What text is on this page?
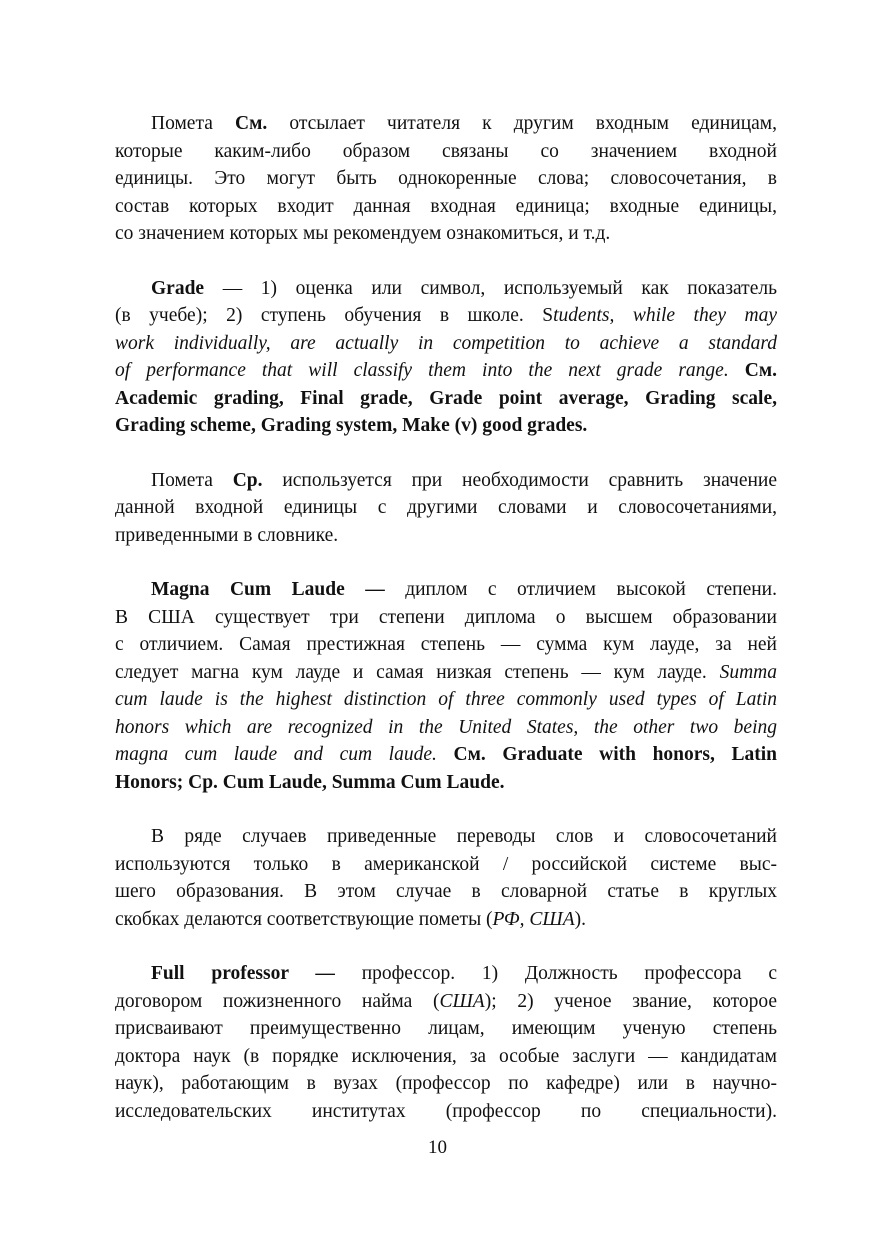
Помета См. отсылает читателя к другим входным единицам,
которые каким-либо образом связаны со значением входной
единицы. Это могут быть однокоренные слова; словосочетания, в
состав которых входит данная входная единица; входные единицы,
со значением которых мы рекомендуем ознакомиться, и т.д.
Grade — 1) оценка или символ, используемый как показатель
(в учебе); 2) ступень обучения в школе. Students, while they may
work individually, are actually in competition to achieve a standard
of performance that will classify them into the next grade range. См.
Academic grading, Final grade, Grade point average, Grading scale,
Grading scheme, Grading system, Make (v) good grades.
Помета Ср. используется при необходимости сравнить значение
данной входной единицы с другими словами и словосочетаниями,
приведенными в словнике.
Magna Cum Laude — диплом с отличием высокой степени.
В США существует три степени диплома о высшем образовании
с отличием. Самая престижная степень — сумма кум лауде, за ней
следует магна кум лауде и самая низкая степень — кум лауде. Summa
cum laude is the highest distinction of three commonly used types of Latin
honors which are recognized in the United States, the other two being
magna cum laude and cum laude. См. Graduate with honors, Latin
Honors; Ср. Cum Laude, Summa Cum Laude.
В ряде случаев приведенные переводы слов и словосочетаний
используются только в американской / российской системе выс-
шего образования. В этом случае в словарной статье в круглых
скобках делаются соответствующие пометы (РФ, США).
Full professor — профессор. 1) Должность профессора с
договором пожизненного найма (США); 2) ученое звание, которое
присваивают преимущественно лицам, имеющим ученую степень
доктора наук (в порядке исключения, за особые заслуги — кандидатам
наук), работающим в вузах (профессор по кафедре) или в научно-
исследовательских институтах (профессор по специальности).
10
